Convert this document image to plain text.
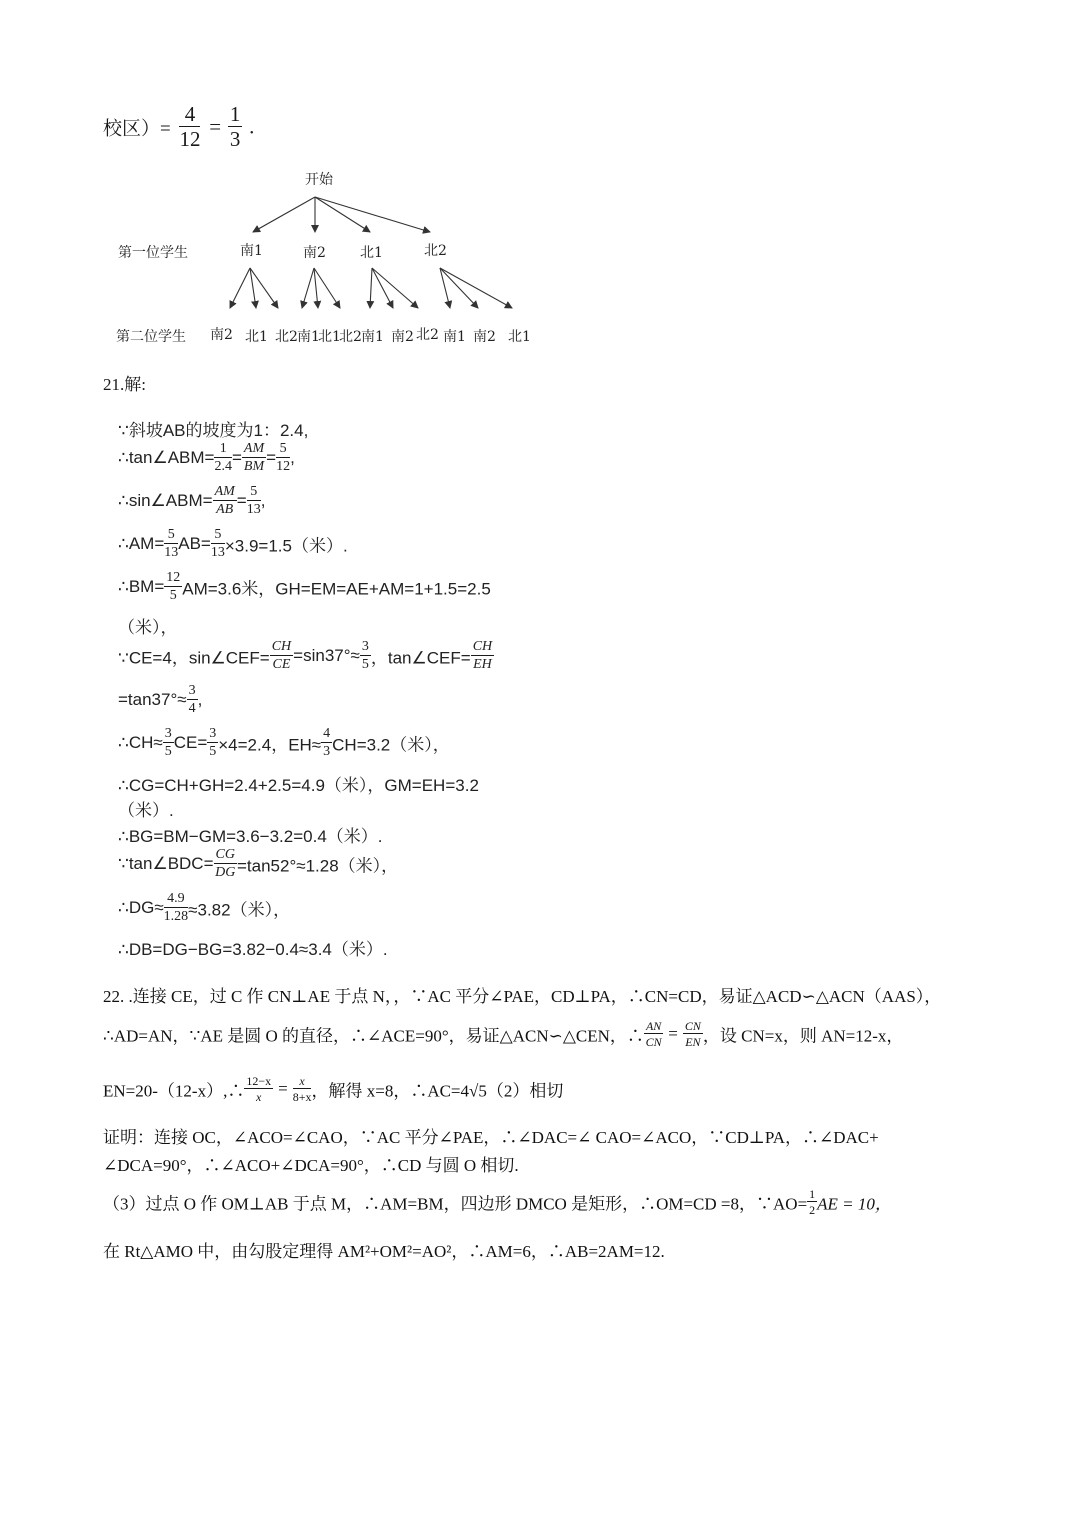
校区）= $\frac{4}{12} = \frac{1}{3}$ .
开始
第一位学生	南1	南2 北1	北2
第二位学生 南2 北1 北2 南1
北1
北2 南1 南2 北2 南1 南2 北1
21.解:
∵斜坡AB的坡度为1：2.4,
∴tan∠ABM= $\frac{1}{2.4} = \frac{AM}{BM} = \frac{5}{12}$ ,
∴sin∠ABM= $\frac{AM}{AB} = \frac{5}{13}$ ,
∴AM= $\frac{5}{13} AB= \frac{5}{13} \times 3.9=1.5$（米）.
∴BM= $\frac{12}{5} AM=3.6$米，GH=EM=AE+AM=1+1.5=2.5
（米），
∵CE=4，sin∠CEF= $\frac{CH}{CE} =\sin 37^\circ\approx \frac{3}{5}$ ，tan∠CEF= $\frac{CH}{EH}$
$=\tan 37^\circ\approx \frac{3}{4}$ ,
∴CH≈ $\frac{3}{5} CE= \frac{3}{5} \times 4=2.4$，$EH\approx \frac{4}{3} CH=3.2$（米），
∴CG=CH+GH=2.4+2.5=4.9（米），GM=EH=3.2
（米）.
∴BG=BM−GM=3.6−3.2=0.4（米）.
∵tan∠BDC= $\frac{CG}{DG} =\tan 52^\circ\approx 1.28$（米），
∴DG≈ $\frac{4.9}{1.28} \approx 3.82$（米），
∴DB=DG−BG=3.82−0.4≈3.4（米）.
22. .连接 CE，过 C 作 CN⊥AE 于点 N，，∵AC 平分∠PAE，CD⊥PA，∴CN=CD，易证△ACD∽△ACN（AAS），
∴AD=AN，∵AE 是圆 O 的直径，∴∠ACE=90°，易证△ACN∽△CEN，∴ $\frac{AN}{CN} = \frac{CN}{EN}$ ，设 CN=x，则 AN=12-x，
EN=20-（12-x）,∴ $\frac{12-x}{x} = \frac{x}{8+x}$ ，解得 x=8，∴AC=4√5（2）相切
证明：连接 OC，∠ACO=∠CAO，∵AC 平分∠PAE，∴∠DAC=∠ CAO=∠ACO，∵CD⊥PA，∴∠DAC+
∠DCA=90°，∴∠ACO+∠DCA=90°，∴CD 与圆 O 相切.
（3）过点 O 作 OM⊥AB 于点 M，∴AM=BM，四边形 DMCO 是矩形，∴OM=CD =8，∵AO= $\frac{1}{2}$ AE = 10，
在 Rt△AMO 中，由勾股定理得 AM²+OM²=AO²，∴AM=6，∴AB=2AM=12.
